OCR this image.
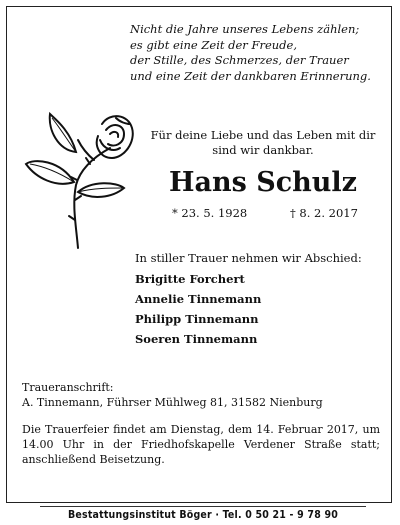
Nicht die Jahre unseres Lebens zählen;
es gibt eine Zeit der Freude,
der Stille, des Schmerzes, der Trauer
und eine Zeit der dankbaren Erinnerung.
Für deine Liebe und das Leben mit dir
sind wir dankbar.
Hans Schulz
* 23. 5. 1928	† 8. 2. 2017
In stiller Trauer nehmen wir Abschied:
Brigitte Forchert
Annelie Tinnemann
Philipp Tinnemann
Soeren Tinnemann
Traueranschrift:
A. Tinnemann, Führser Mühlweg 81, 31582 Nienburg
Die Trauerfeier findet am Dienstag, dem 14. Februar 2017, um 14.00 Uhr in der Friedhofskapelle Verdener Straße statt; anschließend Beisetzung.
Bestattungsinstitut Böger · Tel. 0 50 21 - 9 78 90
